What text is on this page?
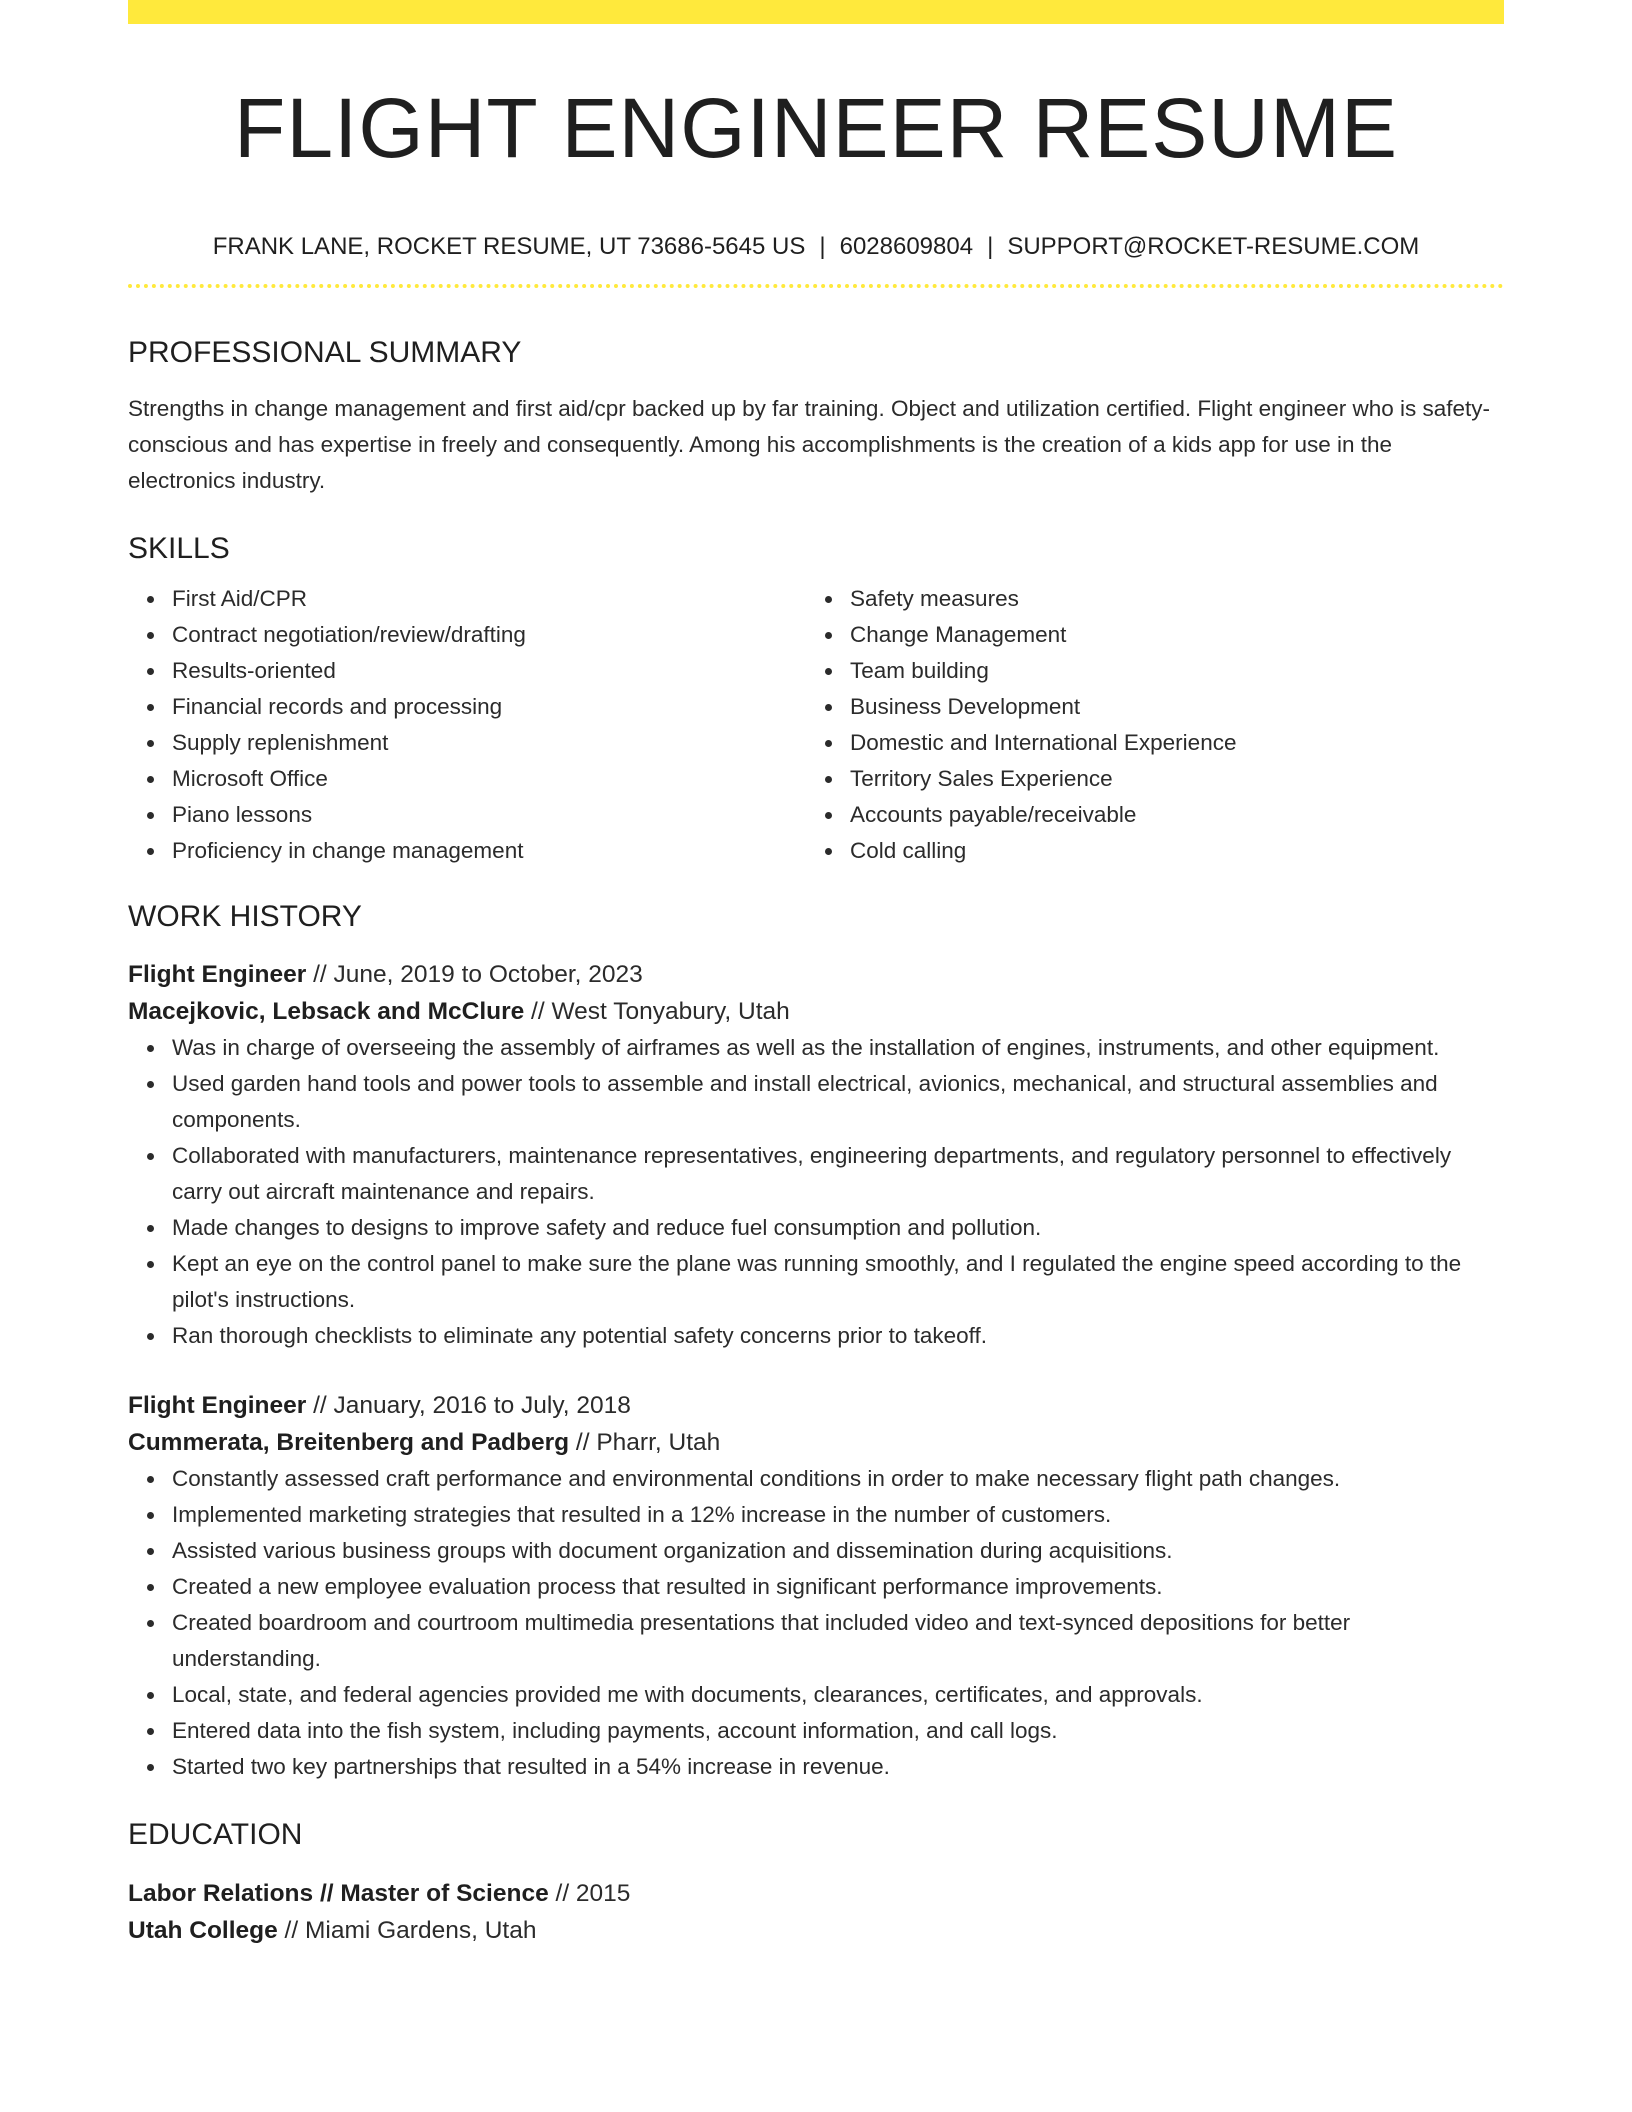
FLIGHT ENGINEER RESUME
FRANK LANE, ROCKET RESUME, UT 73686-5645 US | 6028609804 | SUPPORT@ROCKET-RESUME.COM
PROFESSIONAL SUMMARY
Strengths in change management and first aid/cpr backed up by far training. Object and utilization certified. Flight engineer who is safety-conscious and has expertise in freely and consequently. Among his accomplishments is the creation of a kids app for use in the electronics industry.
SKILLS
First Aid/CPR
Contract negotiation/review/drafting
Results-oriented
Financial records and processing
Supply replenishment
Microsoft Office
Piano lessons
Proficiency in change management
Safety measures
Change Management
Team building
Business Development
Domestic and International Experience
Territory Sales Experience
Accounts payable/receivable
Cold calling
WORK HISTORY
Flight Engineer // June, 2019 to October, 2023
Macejkovic, Lebsack and McClure // West Tonyabury, Utah
Was in charge of overseeing the assembly of airframes as well as the installation of engines, instruments, and other equipment.
Used garden hand tools and power tools to assemble and install electrical, avionics, mechanical, and structural assemblies and components.
Collaborated with manufacturers, maintenance representatives, engineering departments, and regulatory personnel to effectively carry out aircraft maintenance and repairs.
Made changes to designs to improve safety and reduce fuel consumption and pollution.
Kept an eye on the control panel to make sure the plane was running smoothly, and I regulated the engine speed according to the pilot's instructions.
Ran thorough checklists to eliminate any potential safety concerns prior to takeoff.
Flight Engineer // January, 2016 to July, 2018
Cummerata, Breitenberg and Padberg // Pharr, Utah
Constantly assessed craft performance and environmental conditions in order to make necessary flight path changes.
Implemented marketing strategies that resulted in a 12% increase in the number of customers.
Assisted various business groups with document organization and dissemination during acquisitions.
Created a new employee evaluation process that resulted in significant performance improvements.
Created boardroom and courtroom multimedia presentations that included video and text-synced depositions for better understanding.
Local, state, and federal agencies provided me with documents, clearances, certificates, and approvals.
Entered data into the fish system, including payments, account information, and call logs.
Started two key partnerships that resulted in a 54% increase in revenue.
EDUCATION
Labor Relations // Master of Science // 2015
Utah College // Miami Gardens, Utah
